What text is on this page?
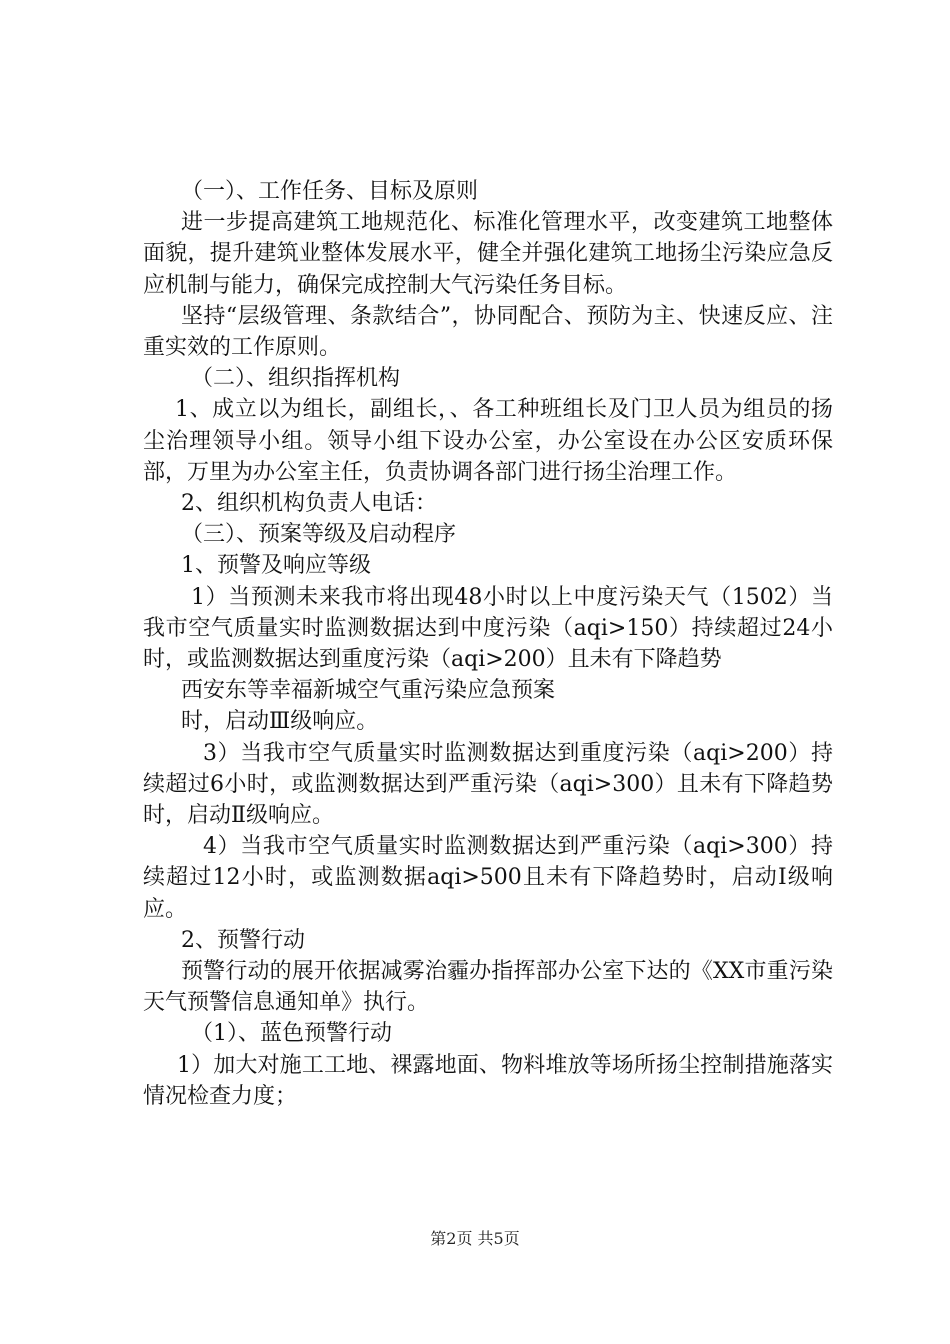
（一）、工作任务、目标及原则

进一步提高建筑工地规范化、标准化管理水平，改变建筑工地整体面貌，提升建筑业整体发展水平，健全并强化建筑工地扬尘污染应急反应机制与能力，确保完成控制大气污染任务目标。

坚持“层级管理、条款结合”，协同配合、预防为主、快速反应、注重实效的工作原则。

（二）、组织指挥机构

1、成立以为组长，副组长，、各工种班组长及门卫人员为组员的扬尘治理领导小组。领导小组下设办公室，办公室设在办公区安质环保部，万里为办公室主任，负责协调各部门进行扬尘治理工作。

2、组织机构负责人电话：

（三）、预案等级及启动程序

1、预警及响应等级

1）当预测未来我市将出现48小时以上中度污染天气（1502）当我市空气质量实时监测数据达到中度污染（aqi>150）持续超过24小时，或监测数据达到重度污染（aqi>200）且未有下降趋势

西安东等幸福新城空气重污染应急预案

时，启动Ⅲ级响应。

3）当我市空气质量实时监测数据达到重度污染（aqi>200）持续超过6小时，或监测数据达到严重污染（aqi>300）且未有下降趋势时，启动Ⅱ级响应。

4）当我市空气质量实时监测数据达到严重污染（aqi>300）持续超过12小时，或监测数据aqi>500且未有下降趋势时，启动Ⅰ级响应。

2、预警行动

预警行动的展开依据减雾治霾办指挥部办公室下达的《XX市重污染天气预警信息通知单》执行。

（1）、蓝色预警行动

1）加大对施工工地、裸露地面、物料堆放等场所扬尘控制措施落实情况检查力度；

第2页 共5页
